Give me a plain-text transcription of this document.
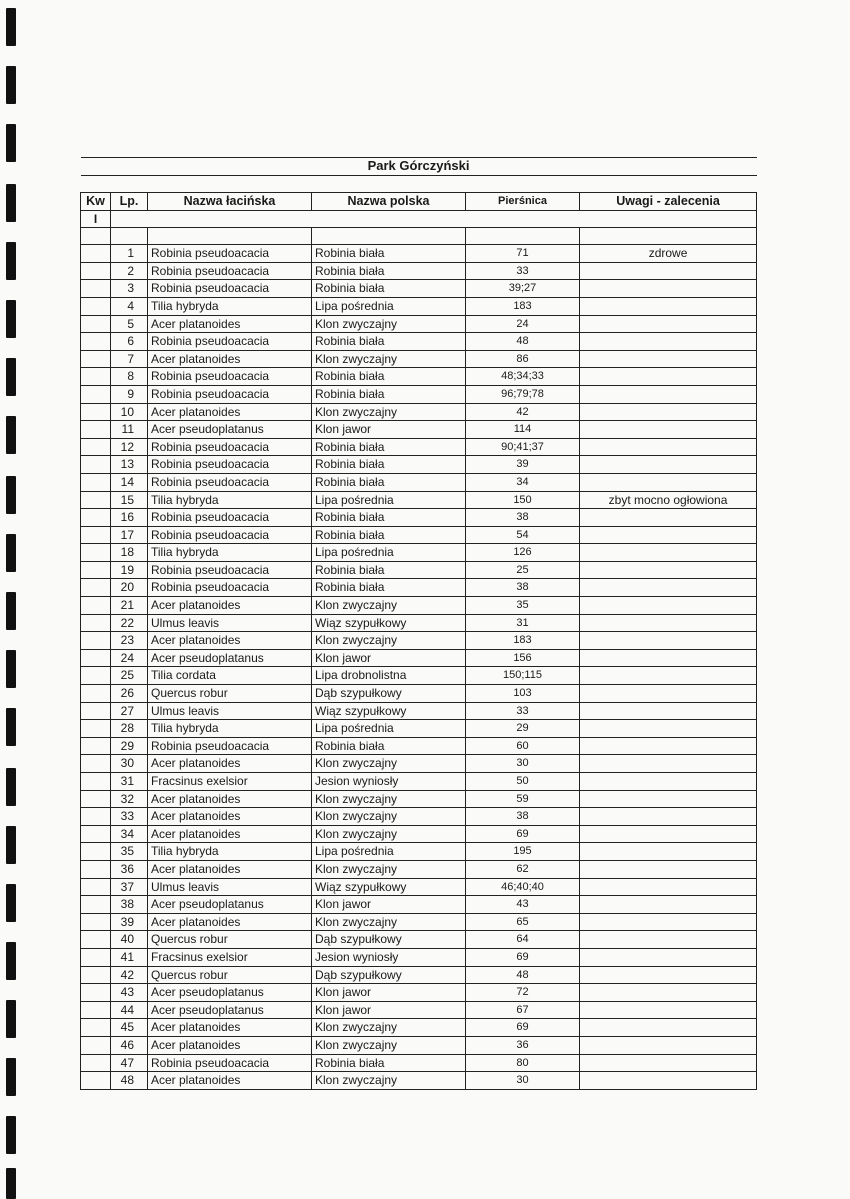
Park Górczyński					

Kw	Lp.	Nazwa łacińska	Nazwa polska	Pierśnica	Uwagi - zalecenia
I					

	1	Robinia pseudoacacia	Robinia biała	71	zdrowe
	2	Robinia pseudoacacia	Robinia biała	33	
	3	Robinia pseudoacacia	Robinia biała	39;27	
	4	Tilia hybryda	Lipa pośrednia	183	
	5	Acer platanoides	Klon zwyczajny	24	
	6	Robinia pseudoacacia	Robinia biała	48	
	7	Acer platanoides	Klon zwyczajny	86	
	8	Robinia pseudoacacia	Robinia biała	48;34;33	
	9	Robinia pseudoacacia	Robinia biała	96;79;78	
	10	Acer platanoides	Klon zwyczajny	42	
	11	Acer pseudoplatanus	Klon jawor	114	
	12	Robinia pseudoacacia	Robinia biała	90;41;37	
	13	Robinia pseudoacacia	Robinia biała	39	
	14	Robinia pseudoacacia	Robinia biała	34	
	15	Tilia hybryda	Lipa pośrednia	150	zbyt mocno ogłowiona
	16	Robinia pseudoacacia	Robinia biała	38	
	17	Robinia pseudoacacia	Robinia biała	54	
	18	Tilia hybryda	Lipa pośrednia	126	
	19	Robinia pseudoacacia	Robinia biała	25	
	20	Robinia pseudoacacia	Robinia biała	38	
	21	Acer platanoides	Klon zwyczajny	35	
	22	Ulmus leavis	Wiąz szypułkowy	31	
	23	Acer platanoides	Klon zwyczajny	183	
	24	Acer pseudoplatanus	Klon jawor	156	
	25	Tilia cordata	Lipa drobnolistna	150;115	
	26	Quercus robur	Dąb szypułkowy	103	
	27	Ulmus leavis	Wiąz szypułkowy	33	
	28	Tilia hybryda	Lipa pośrednia	29	
	29	Robinia pseudoacacia	Robinia biała	60	
	30	Acer platanoides	Klon zwyczajny	30	
	31	Fracsinus exelsior	Jesion wyniosły	50	
	32	Acer platanoides	Klon zwyczajny	59	
	33	Acer platanoides	Klon zwyczajny	38	
	34	Acer platanoides	Klon zwyczajny	69	
	35	Tilia hybryda	Lipa pośrednia	195	
	36	Acer platanoides	Klon zwyczajny	62	
	37	Ulmus leavis	Wiąz szypułkowy	46;40;40	
	38	Acer pseudoplatanus	Klon jawor	43	
	39	Acer platanoides	Klon zwyczajny	65	
	40	Quercus robur	Dąb szypułkowy	64	
	41	Fracsinus exelsior	Jesion wyniosły	69	
	42	Quercus robur	Dąb szypułkowy	48	
	43	Acer pseudoplatanus	Klon jawor	72	
	44	Acer pseudoplatanus	Klon jawor	67	
	45	Acer platanoides	Klon zwyczajny	69	
	46	Acer platanoides	Klon zwyczajny	36	
	47	Robinia pseudoacacia	Robinia biała	80	
	48	Acer platanoides	Klon zwyczajny	30	
